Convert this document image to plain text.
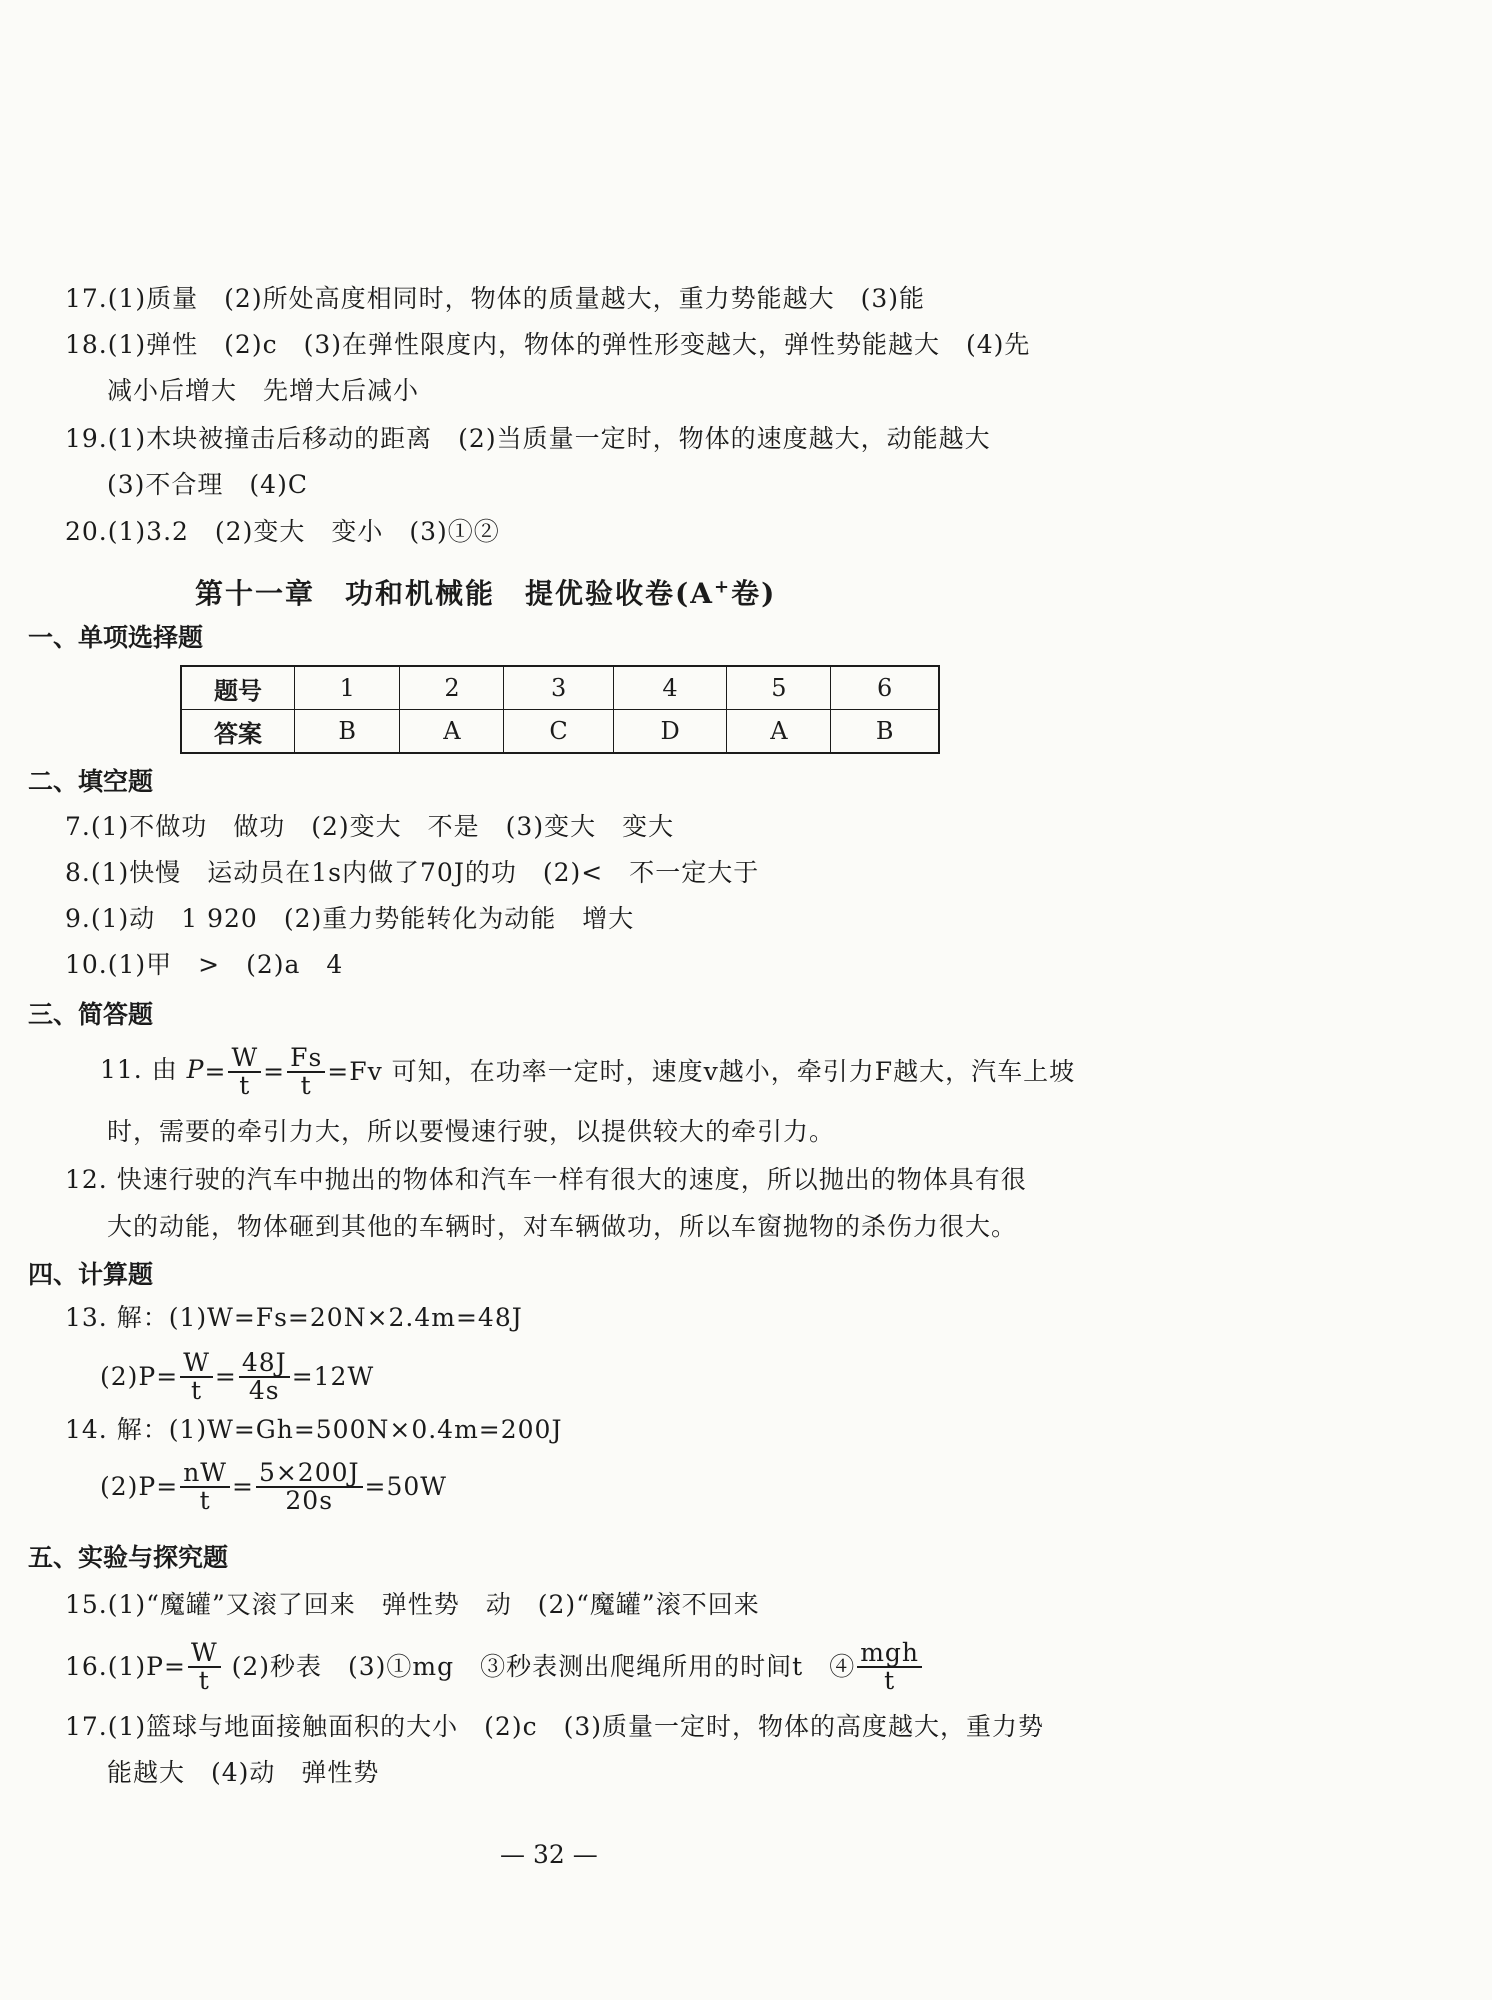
17.(1)质量　(2)所处高度相同时，物体的质量越大，重力势能越大　(3)能
18.(1)弹性　(2)c　(3)在弹性限度内，物体的弹性形变越大，弹性势能越大　(4)先
减小后增大　先增大后减小
19.(1)木块被撞击后移动的距离　(2)当质量一定时，物体的速度越大，动能越大
(3)不合理　(4)C
20.(1)3.2　(2)变大　变小　(3)①②
第十一章　功和机械能　提优验收卷(A+卷)
一、单项选择题
题号	1	2	3	4	5	6
答案	B	A	C	D	A	B
二、填空题
7.(1)不做功　做功　(2)变大　不是　(3)变大　变大
8.(1)快慢　运动员在1s内做了70J的功　(2)<　不一定大于
9.(1)动　1 920　(2)重力势能转化为动能　增大
10.(1)甲　>　(2)a　4
三、简答题
11. 由 $P= \frac{W}{t} = \frac{Fs}{t} =Fv$ 可知，在功率一定时，速度v越小，牵引力F越大，汽车上坡
时，需要的牵引力大，所以要慢速行驶，以提供较大的牵引力。
12. 快速行驶的汽车中抛出的物体和汽车一样有很大的速度，所以抛出的物体具有很
大的动能，物体砸到其他的车辆时，对车辆做功，所以车窗抛物的杀伤力很大。
四、计算题
13. 解：(1)W=Fs=20N×2.4m=48J
$(2)P= \frac{W}{t} = \frac{48J}{4s} =12W$
14. 解：(1)W=Gh=500N×0.4m=200J
$(2)P= \frac{nW}{t} = \frac{5\times 200J}{20s} =50W$
五、实验与探究题
15.(1)“魔罐”又滚了回来　弹性势　动　(2)“魔罐”滚不回来
$16.(1)P= \frac{W}{t} (2)$秒表　(3)①mg　③秒表测出爬绳所用的时间t　④ $\frac{\text{mgh}}{t}$
17.(1)篮球与地面接触面积的大小　(2)c　(3)质量一定时，物体的高度越大，重力势
能越大　(4)动　弹性势
— 32 —
